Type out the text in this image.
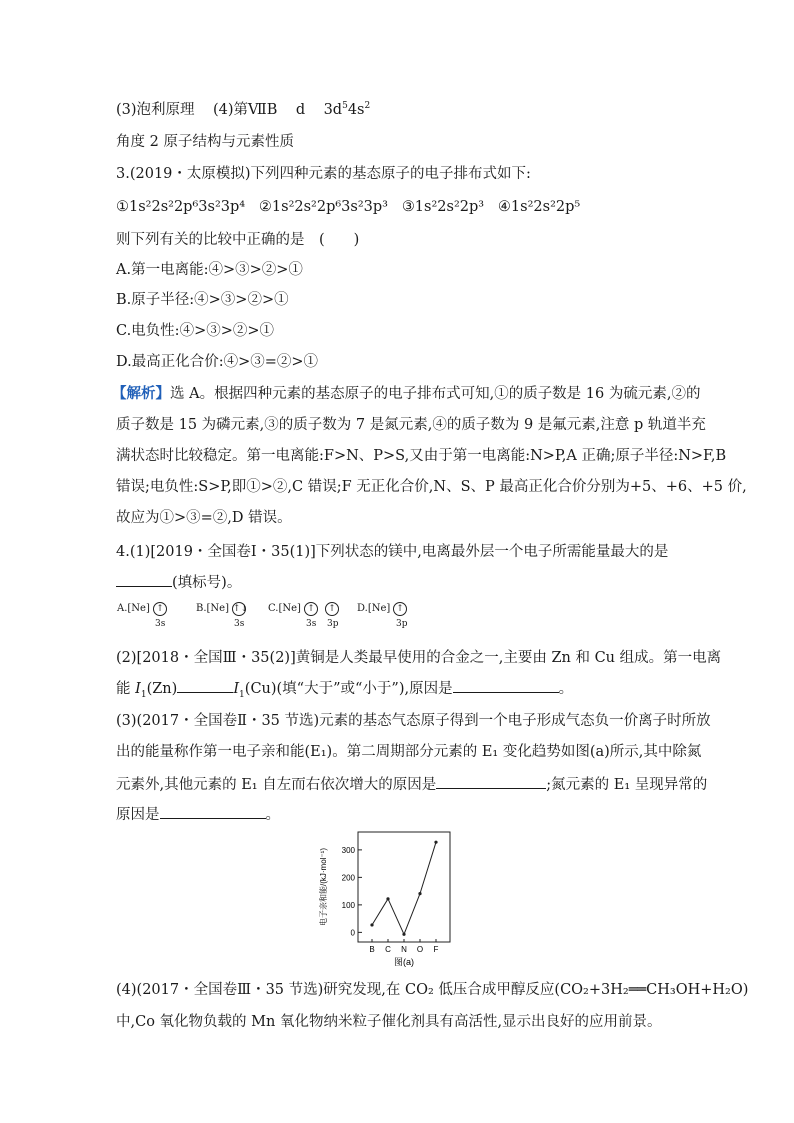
(3)泡利原理 (4)第ⅦB d $3d^54s^2$
角度 2 原子结构与元素性质
3.(2019・太原模拟)下列四种元素的基态原子的电子排布式如下:
①1s²2s²2p⁶3s²3p⁴ ②1s²2s²2p⁶3s²3p³ ③1s²2s²2p³ ④1s²2s²2p⁵
则下列有关的比较中正确的是　(　　)
A.第一电离能:④>③>②>①
B.原子半径:④>③>②>①
C.电负性:④>③>②>①
D.最高正化合价:④>③=②>①
【解析】选 A。根据四种元素的基态原子的电子排布式可知,①的质子数是 16 为硫元素,②的
质子数是 15 为磷元素,③的质子数为 7 是氮元素,④的质子数为 9 是氟元素,注意 p 轨道半充
满状态时比较稳定。第一电离能:F>N、P>S,又由于第一电离能:N>P,A 正确;原子半径:N>F,B
错误;电负性:S>P,即①>②,C 错误;F 无正化合价,N、S、P 最高正化合价分别为+5、+6、+5 价,
故应为①>③=②,D 错误。
4.(1)[2019・全国卷Ⅰ・35(1)]下列状态的镁中,电离最外层一个电子所需能量最大的是
(填标号)。
A.[Ne] ↑
3s
B.[Ne] ↑↓
3s
C.[Ne] ↑
3s
↑
3p
D.[Ne] ↑
3p
(2)[2018・全国Ⅲ・35(2)]黄铜是人类最早使用的合金之一,主要由 Zn 和 Cu 组成。第一电离
能 $I_1(Zn)$	$I_1(Cu)$(填“大于”或“小于”),原因是	。
(3)(2017・全国卷Ⅱ・35 节选)元素的基态气态原子得到一个电子形成气态负一价离子时所放
出的能量称作第一电子亲和能(E₁)。第二周期部分元素的 E₁ 变化趋势如图(a)所示,其中除氮
元素外,其他元素的 E₁ 自左而右依次增大的原因是	;氮元素的 E₁ 呈现异常的
原因是	。
0
100
200
300
B C N O F
电子亲和能/(kJ·mol⁻¹)
图(a)
(4)(2017・全国卷Ⅲ・35 节选)研究发现,在 CO₂ 低压合成甲醇反应(CO₂+3H₂══CH₃OH+H₂O)
中,Co 氧化物负载的 Mn 氧化物纳米粒子催化剂具有高活性,显示出良好的应用前景。
